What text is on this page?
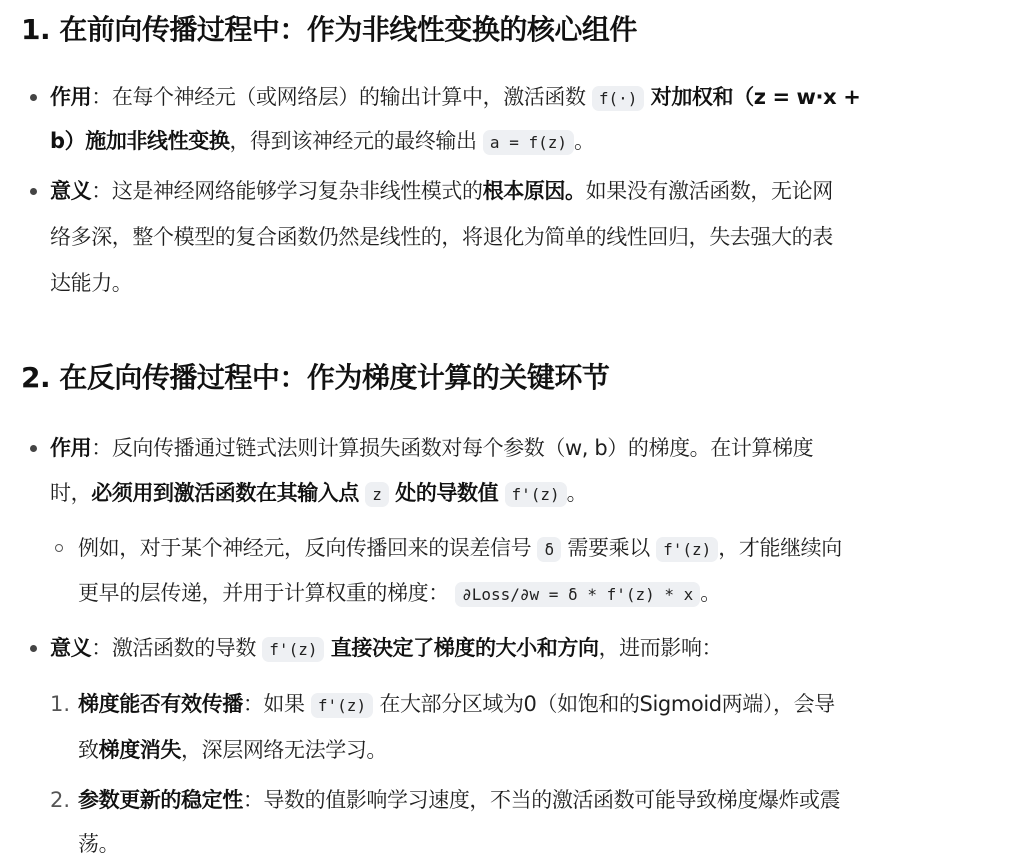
1. 在前向传播过程中：作为非线性变换的核心组件

作用：在每个神经元（或网络层）的输出计算中，激活函数 f(·) 对加权和（z = w·x +

b）施加非线性变换，得到该神经元的最终输出 a = f(z) 。

意义：这是神经网络能够学习复杂非线性模式的根本原因。如果没有激活函数，无论网

络多深，整个模型的复合函数仍然是线性的，将退化为简单的线性回归，失去强大的表

达能力。

2. 在反向传播过程中：作为梯度计算的关键环节

作用：反向传播通过链式法则计算损失函数对每个参数（w, b）的梯度。在计算梯度

时，必须用到激活函数在其输入点 z 处的导数值 f'(z) 。

例如，对于某个神经元，反向传播回来的误差信号 δ 需要乘以 f'(z) ，才能继续向

更早的层传递，并用于计算权重的梯度： ∂Loss/∂w = δ * f'(z) * x 。

意义：激活函数的导数 f'(z) 直接决定了梯度的大小和方向，进而影响：

1. 梯度能否有效传播：如果 f'(z) 在大部分区域为0（如饱和的Sigmoid两端），会导

致梯度消失，深层网络无法学习。

2. 参数更新的稳定性：导数的值影响学习速度，不当的激活函数可能导致梯度爆炸或震

荡。
